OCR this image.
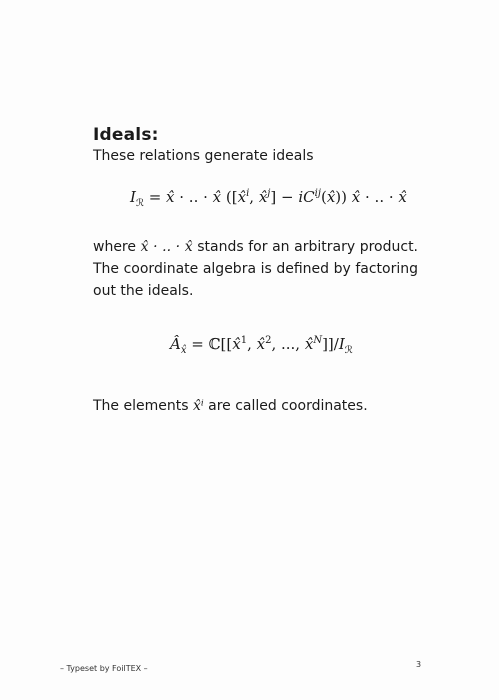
Ideals:
These relations generate ideals
$I_ℛ$ = x̂ · .. · x̂ ([x̂$^i$, x̂$^j$] − $iC^{ij}(x̂)$) x̂ · .. · x̂
where x̂ · .. · x̂ stands for an arbitrary product. The coordinate algebra is defined by factoring out the ideals.
$Â_{x̂}$ = ℂ[[x̂$^1$, x̂$^2$, ..., $x̂^N]]/I_ℛ$
The elements x̂ⁱ are called coordinates.
– Typeset by FoilTEX –	3
